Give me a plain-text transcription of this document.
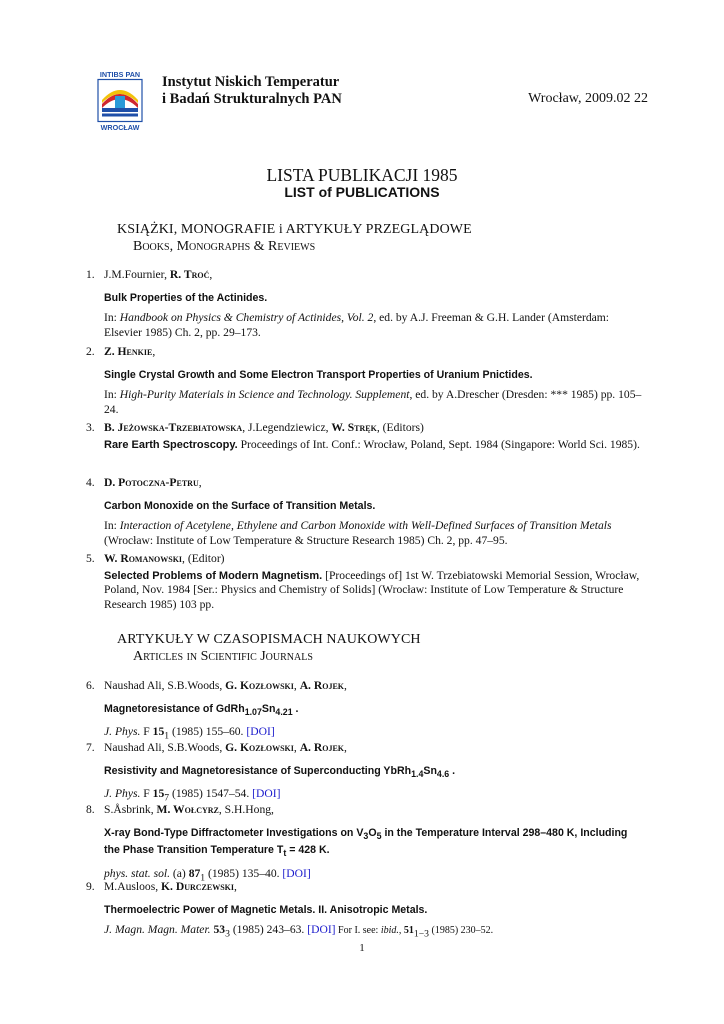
INTIBS PAN
WROCŁAW
Instytut Niskich Temperatur
i Badań Strukturalnych PAN	Wrocław, 2009.02 22
LISTA PUBLIKACJI 1985
LIST of PUBLICATIONS
KSIĄŻKI, MONOGRAFIE i ARTYKUŁY PRZEGLĄDOWE
Books, Monographs & Reviews
1. J.M.Fournier, R. Troć,
Bulk Properties of the Actinides.
In: Handbook on Physics & Chemistry of Actinides, Vol. 2, ed. by A.J. Freeman & G.H. Lander (Amsterdam: Elsevier 1985) Ch. 2, pp. 29–173.
2. Z. Henkie,
Single Crystal Growth and Some Electron Transport Properties of Uranium Pnictides.
In: High-Purity Materials in Science and Technology. Supplement, ed. by A.Drescher (Dresden: *** 1985) pp. 105–24.
3. B. Jeżowska-Trzebiatowska, J.Legendziewicz, W. Stręk, (Editors)
Rare Earth Spectroscopy. Proceedings of Int. Conf.: Wrocław, Poland, Sept. 1984 (Singapore: World Sci. 1985).
4. D. Potoczna-Petru,
Carbon Monoxide on the Surface of Transition Metals.
In: Interaction of Acetylene, Ethylene and Carbon Monoxide with Well-Defined Surfaces of Transition Metals (Wrocław: Institute of Low Temperature & Structure Research 1985) Ch. 2, pp. 47–95.
5. W. Romanowski, (Editor)
Selected Problems of Modern Magnetism. [Proceedings of] 1st W. Trzebiatowski Memorial Session, Wrocław, Poland, Nov. 1984 [Ser.: Physics and Chemistry of Solids] (Wrocław: Institute of Low Temperature & Structure Research 1985) 103 pp.
ARTYKUŁY W CZASOPISMACH NAUKOWYCH
Articles in Scientific Journals
6. Naushad Ali, S.B.Woods, G. Kozłowski, A. Rojek,
Magnetoresistance of $GdRh_{1.07}Sn_{4.21}$ .
J. Phys. F $15_1$ (1985) 155–60. [DOI]
7. Naushad Ali, S.B.Woods, G. Kozłowski, A. Rojek,
Resistivity and Magnetoresistance of Superconducting $YbRh_{1.4}Sn_{4.6}$ .
J. Phys. F $15_7$ (1985) 1547–54. [DOI]
8. S.Åsbrink, M. Wołcyrz, S.H.Hong,
X-ray Bond-Type Diffractometer Investigations on $V_3O_5$ in the Temperature Interval 298–480 K, Including the Phase Transition Temperature $T_t = 428$ K.
phys. stat. sol. (a) $87_1$ (1985) 135–40. [DOI]
9. M.Ausloos, K. Durczewski,
Thermoelectric Power of Magnetic Metals. II. Anisotropic Metals.
J. Magn. Magn. Mater. $53_3$ (1985) 243–63. [DOI] For I. see: ibid., $51_{1-3}$ (1985) 230–52.
1
